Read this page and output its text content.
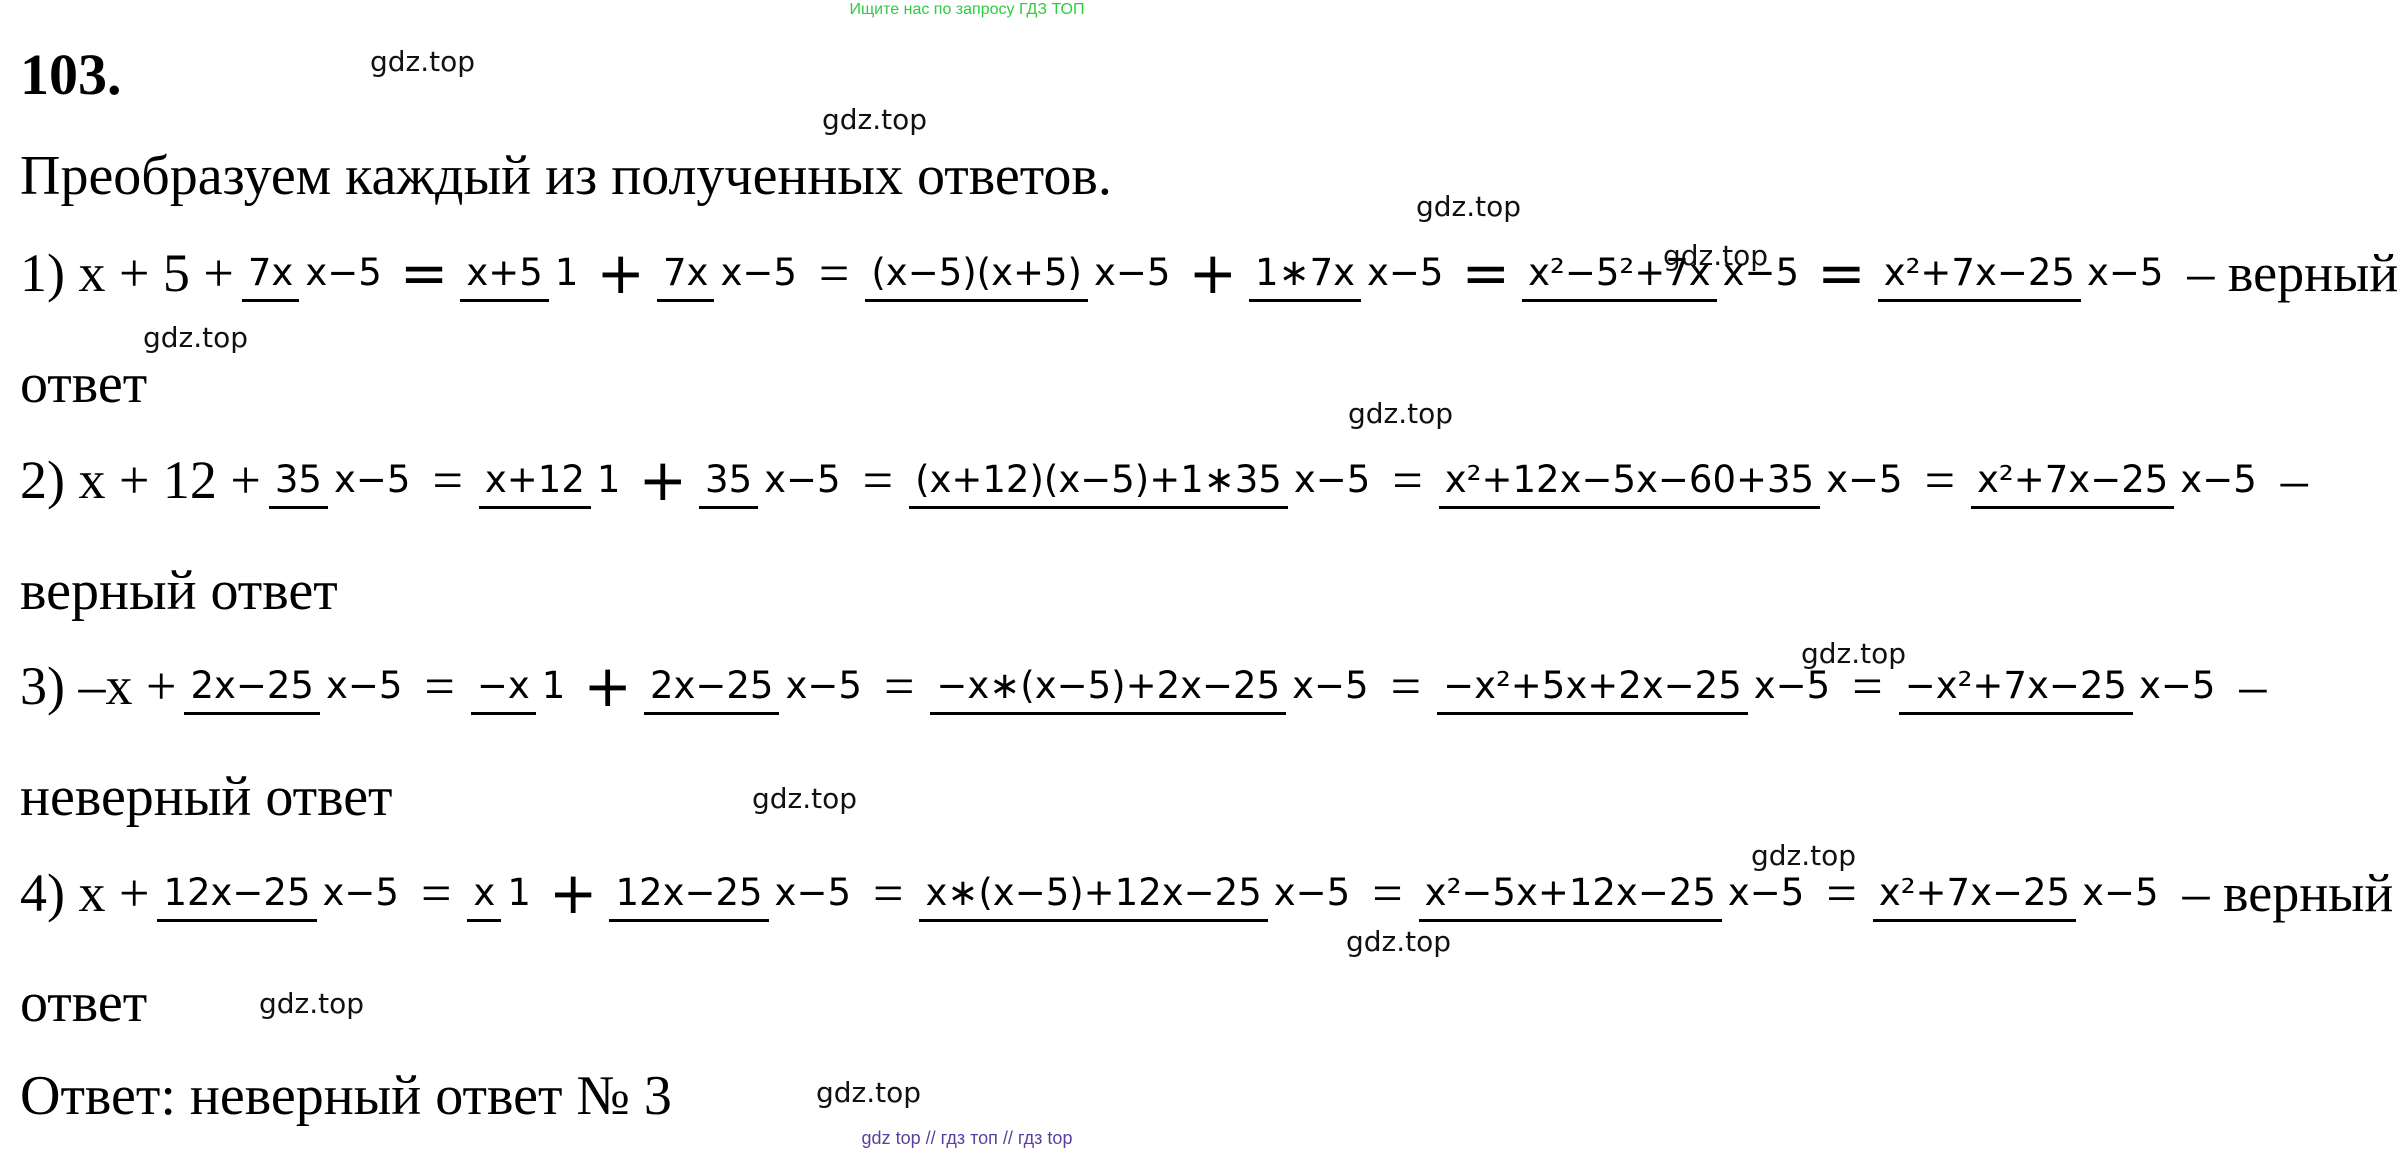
Ищите нас по запросу ГДЗ ТОП
103.	gdz.top
gdz.top
gdz.top
gdz.top
gdz.top
gdz.top
gdz.top
gdz.top
gdz.top
gdz.top
gdz.top
gdz.top
Преобразуем каждый из полученных ответов.
1) x + 5 + 7x x−5 = x+5 1 + 7x x−5 = (x−5)(x+5) x−5 + 1∗7x x−5 = x²−5²+7x x−5 = x²+7x−25 x−5 – верный
ответ
2) x + 12 + 35 x−5 = x+12 1 + 35 x−5 = (x+12)(x−5)+1∗35 x−5 = x²+12x−5x−60+35 x−5 = x²+7x−25 x−5 –
верный ответ
3) –x + 2x−25 x−5 = −x 1 + 2x−25 x−5 = −x∗(x−5)+2x−25 x−5 = −x²+5x+2x−25 x−5 = −x²+7x−25 x−5 –
неверный ответ
4) x + 12x−25 x−5 = x 1 + 12x−25 x−5 = x∗(x−5)+12x−25 x−5 = x²−5x+12x−25 x−5 = x²+7x−25 x−5 – верный
ответ
Ответ: неверный ответ № 3
gdz top // гдз топ // гдз top
